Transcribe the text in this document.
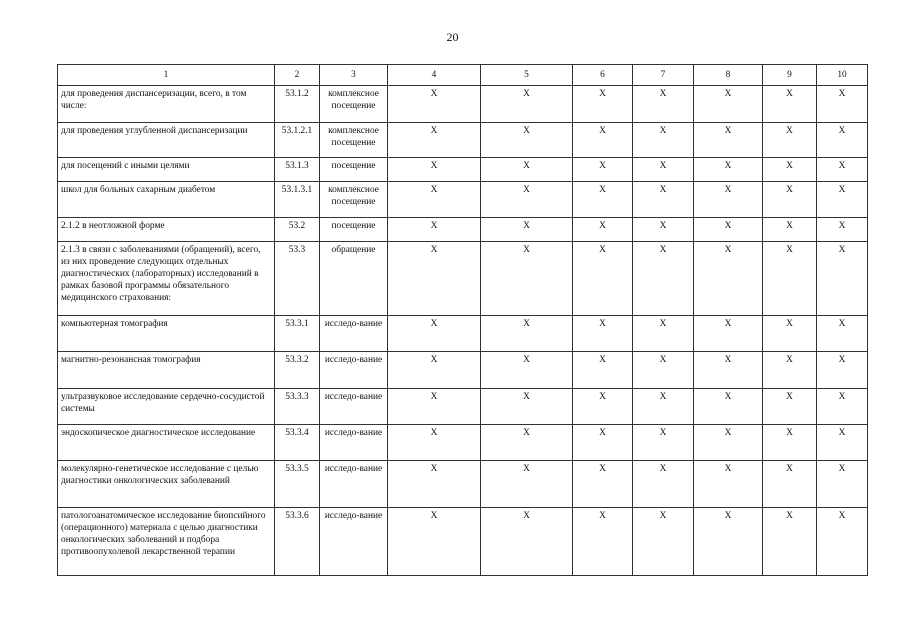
20
1	2	3	4	5	6	7	8	9	10
для проведения диспансеризации, всего, в том числе:	53.1.2	комплексное посещение	X	X	X	X	X	X	X
для проведения углубленной диспансеризации	53.1.2.1	комплексное посещение	X	X	X	X	X	X	X
для посещений с иными целями	53.1.3	посещение	X	X	X	X	X	X	X
школ для больных сахарным диабетом	53.1.3.1	комплексное посещение	X	X	X	X	X	X	X
2.1.2 в неотложной форме	53.2	посещение	X	X	X	X	X	X	X
2.1.3 в связи с заболеваниями (обращений), всего, из них проведение следующих отдельных диагностических (лабораторных) исследований в рамках базовой программы обязательного медицинского страхования:	53.3	обращение	X	X	X	X	X	X	X
компьютерная томография	53.3.1	исследо-вание	X	X	X	X	X	X	X
магнитно-резонансная томография	53.3.2	исследо-вание	X	X	X	X	X	X	X
ультразвуковое исследование сердечно-сосудистой системы	53.3.3	исследо-вание	X	X	X	X	X	X	X
эндоскопическое диагностическое исследование	53.3.4	исследо-вание	X	X	X	X	X	X	X
молекулярно-генетическое исследование с целью диагностики онкологических заболеваний	53.3.5	исследо-вание	X	X	X	X	X	X	X
патологоанатомическое исследование биопсийного (операционного) материала с целью диагностики онкологических заболеваний и подбора противоопухолевой лекарственной терапии	53.3.6	исследо-вание	X	X	X	X	X	X	X
